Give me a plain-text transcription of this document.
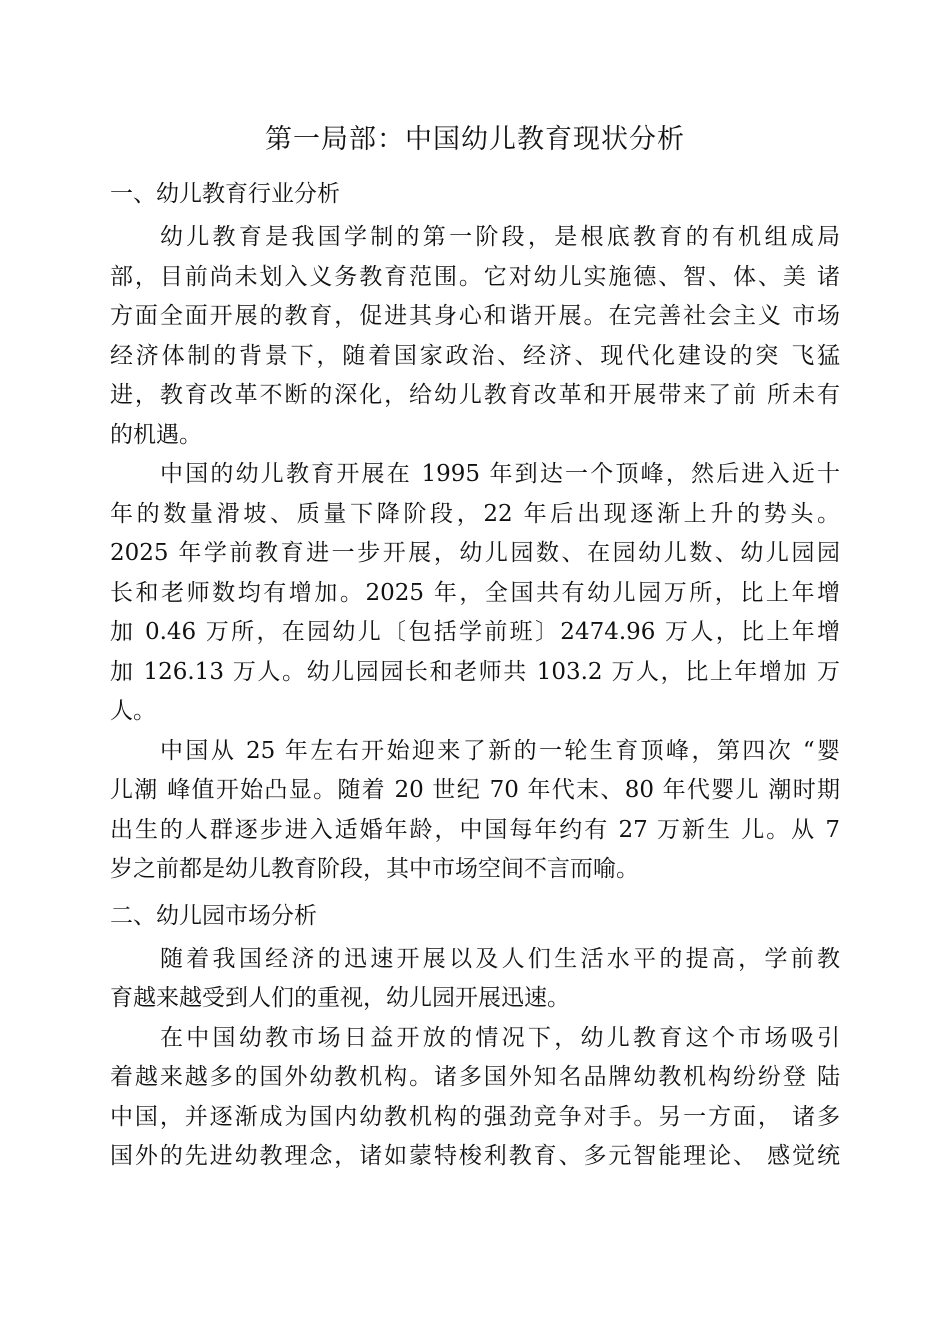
第一局部：中国幼儿教育现状分析
一、幼儿教育行业分析

幼儿教育是我国学制的第一阶段，是根底教育的有机组成局
部，目前尚未划入义务教育范围。它对幼儿实施德、智、体、美 诸
方面全面开展的教育，促进其身心和谐开展。在完善社会主义 市场
经济体制的背景下，随着国家政治、经济、现代化建设的突 飞猛
进，教育改革不断的深化，给幼儿教育改革和开展带来了前 所未有
的机遇。

中国的幼儿教育开展在 1995 年到达一个顶峰，然后进入近十
年的数量滑坡、质量下降阶段，22 年后出现逐渐上升的势头。
2025 年学前教育进一步开展，幼儿园数、在园幼儿数、幼儿园园
长和老师数均有增加。2025 年，全国共有幼儿园万所，比上年增
加 0.46 万所，在园幼儿〔包括学前班〕2474.96 万人，比上年增
加 126.13 万人。幼儿园园长和老师共 103.2 万人，比上年增加 万
人。

中国从 25 年左右开始迎来了新的一轮生育顶峰，第四次 “婴
儿潮 峰值开始凸显。随着 20 世纪 70 年代末、80 年代婴儿 潮时期
出生的人群逐步进入适婚年龄，中国每年约有 27 万新生 儿。从 7
岁之前都是幼儿教育阶段，其中市场空间不言而喻。

二、幼儿园市场分析

随着我国经济的迅速开展以及人们生活水平的提高，学前教
育越来越受到人们的重视，幼儿园开展迅速。

在中国幼教市场日益开放的情况下，幼儿教育这个市场吸引
着越来越多的国外幼教机构。诸多国外知名品牌幼教机构纷纷登 陆
中国，并逐渐成为国内幼教机构的强劲竞争对手。另一方面， 诸多
国外的先进幼教理念，诸如蒙特梭利教育、多元智能理论、 感觉统
